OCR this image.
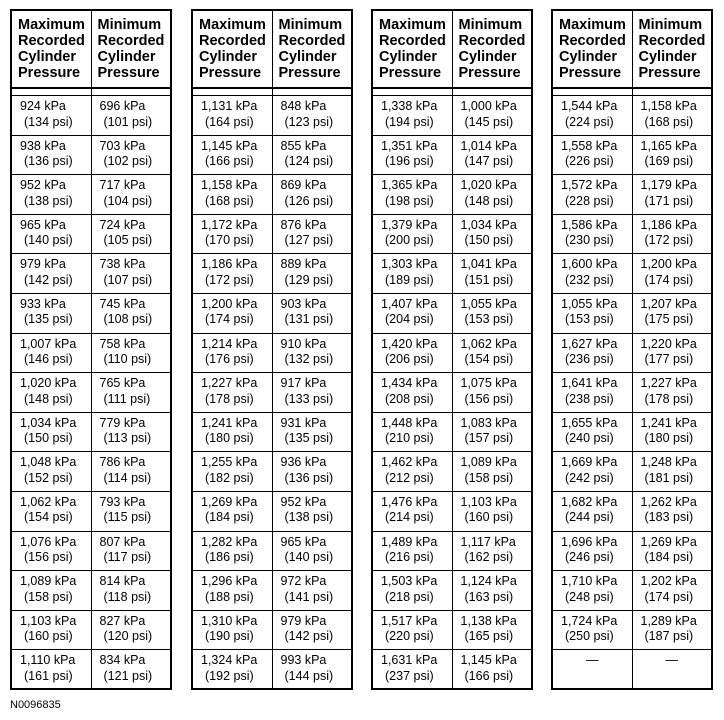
Maximum
Recorded
Cylinder
Pressure	Minimum
Recorded
Cylinder
Pressure

924 kPa
(134 psi)	696 kPa
(101 psi)

938 kPa
(136 psi)	703 kPa
(102 psi)

952 kPa
(138 psi)	717 kPa
(104 psi)

965 kPa
(140 psi)	724 kPa
(105 psi)

979 kPa
(142 psi)	738 kPa
(107 psi)

933 kPa
(135 psi)	745 kPa
(108 psi)

1,007 kPa
(146 psi)	758 kPa
(110 psi)

1,020 kPa
(148 psi)	765 kPa
(111 psi)

1,034 kPa
(150 psi)	779 kPa
(113 psi)

1,048 kPa
(152 psi)	786 kPa
(114 psi)

1,062 kPa
(154 psi)	793 kPa
(115 psi)

1,076 kPa
(156 psi)	807 kPa
(117 psi)

1,089 kPa
(158 psi)	814 kPa
(118 psi)

1,103 kPa
(160 psi)	827 kPa
(120 psi)

1,110 kPa
(161 psi)	834 kPa
(121 psi)
Maximum
Recorded
Cylinder
Pressure	Minimum
Recorded
Cylinder
Pressure

1,131 kPa
(164 psi)	848 kPa
(123 psi)

1,145 kPa
(166 psi)	855 kPa
(124 psi)

1,158 kPa
(168 psi)	869 kPa
(126 psi)

1,172 kPa
(170 psi)	876 kPa
(127 psi)

1,186 kPa
(172 psi)	889 kPa
(129 psi)

1,200 kPa
(174 psi)	903 kPa
(131 psi)

1,214 kPa
(176 psi)	910 kPa
(132 psi)

1,227 kPa
(178 psi)	917 kPa
(133 psi)

1,241 kPa
(180 psi)	931 kPa
(135 psi)

1,255 kPa
(182 psi)	936 kPa
(136 psi)

1,269 kPa
(184 psi)	952 kPa
(138 psi)

1,282 kPa
(186 psi)	965 kPa
(140 psi)

1,296 kPa
(188 psi)	972 kPa
(141 psi)

1,310 kPa
(190 psi)	979 kPa
(142 psi)

1,324 kPa
(192 psi)	993 kPa
(144 psi)
Maximum
Recorded
Cylinder
Pressure	Minimum
Recorded
Cylinder
Pressure

1,338 kPa
(194 psi)	1,000 kPa
(145 psi)

1,351 kPa
(196 psi)	1,014 kPa
(147 psi)

1,365 kPa
(198 psi)	1,020 kPa
(148 psi)

1,379 kPa
(200 psi)	1,034 kPa
(150 psi)

1,303 kPa
(189 psi)	1,041 kPa
(151 psi)

1,407 kPa
(204 psi)	1,055 kPa
(153 psi)

1,420 kPa
(206 psi)	1,062 kPa
(154 psi)

1,434 kPa
(208 psi)	1,075 kPa
(156 psi)

1,448 kPa
(210 psi)	1,083 kPa
(157 psi)

1,462 kPa
(212 psi)	1,089 kPa
(158 psi)

1,476 kPa
(214 psi)	1,103 kPa
(160 psi)

1,489 kPa
(216 psi)	1,117 kPa
(162 psi)

1,503 kPa
(218 psi)	1,124 kPa
(163 psi)

1,517 kPa
(220 psi)	1,138 kPa
(165 psi)

1,631 kPa
(237 psi)	1,145 kPa
(166 psi)
Maximum
Recorded
Cylinder
Pressure	Minimum
Recorded
Cylinder
Pressure

1,544 kPa
(224 psi)	1,158 kPa
(168 psi)

1,558 kPa
(226 psi)	1,165 kPa
(169 psi)

1,572 kPa
(228 psi)	1,179 kPa
(171 psi)

1,586 kPa
(230 psi)	1,186 kPa
(172 psi)

1,600 kPa
(232 psi)	1,200 kPa
(174 psi)

1,055 kPa
(153 psi)	1,207 kPa
(175 psi)

1,627 kPa
(236 psi)	1,220 kPa
(177 psi)

1,641 kPa
(238 psi)	1,227 kPa
(178 psi)

1,655 kPa
(240 psi)	1,241 kPa
(180 psi)

1,669 kPa
(242 psi)	1,248 kPa
(181 psi)

1,682 kPa
(244 psi)	1,262 kPa
(183 psi)

1,696 kPa
(246 psi)	1,269 kPa
(184 psi)

1,710 kPa
(248 psi)	1,202 kPa
(174 psi)

1,724 kPa
(250 psi)	1,289 kPa
(187 psi)

—	—
N0096835
